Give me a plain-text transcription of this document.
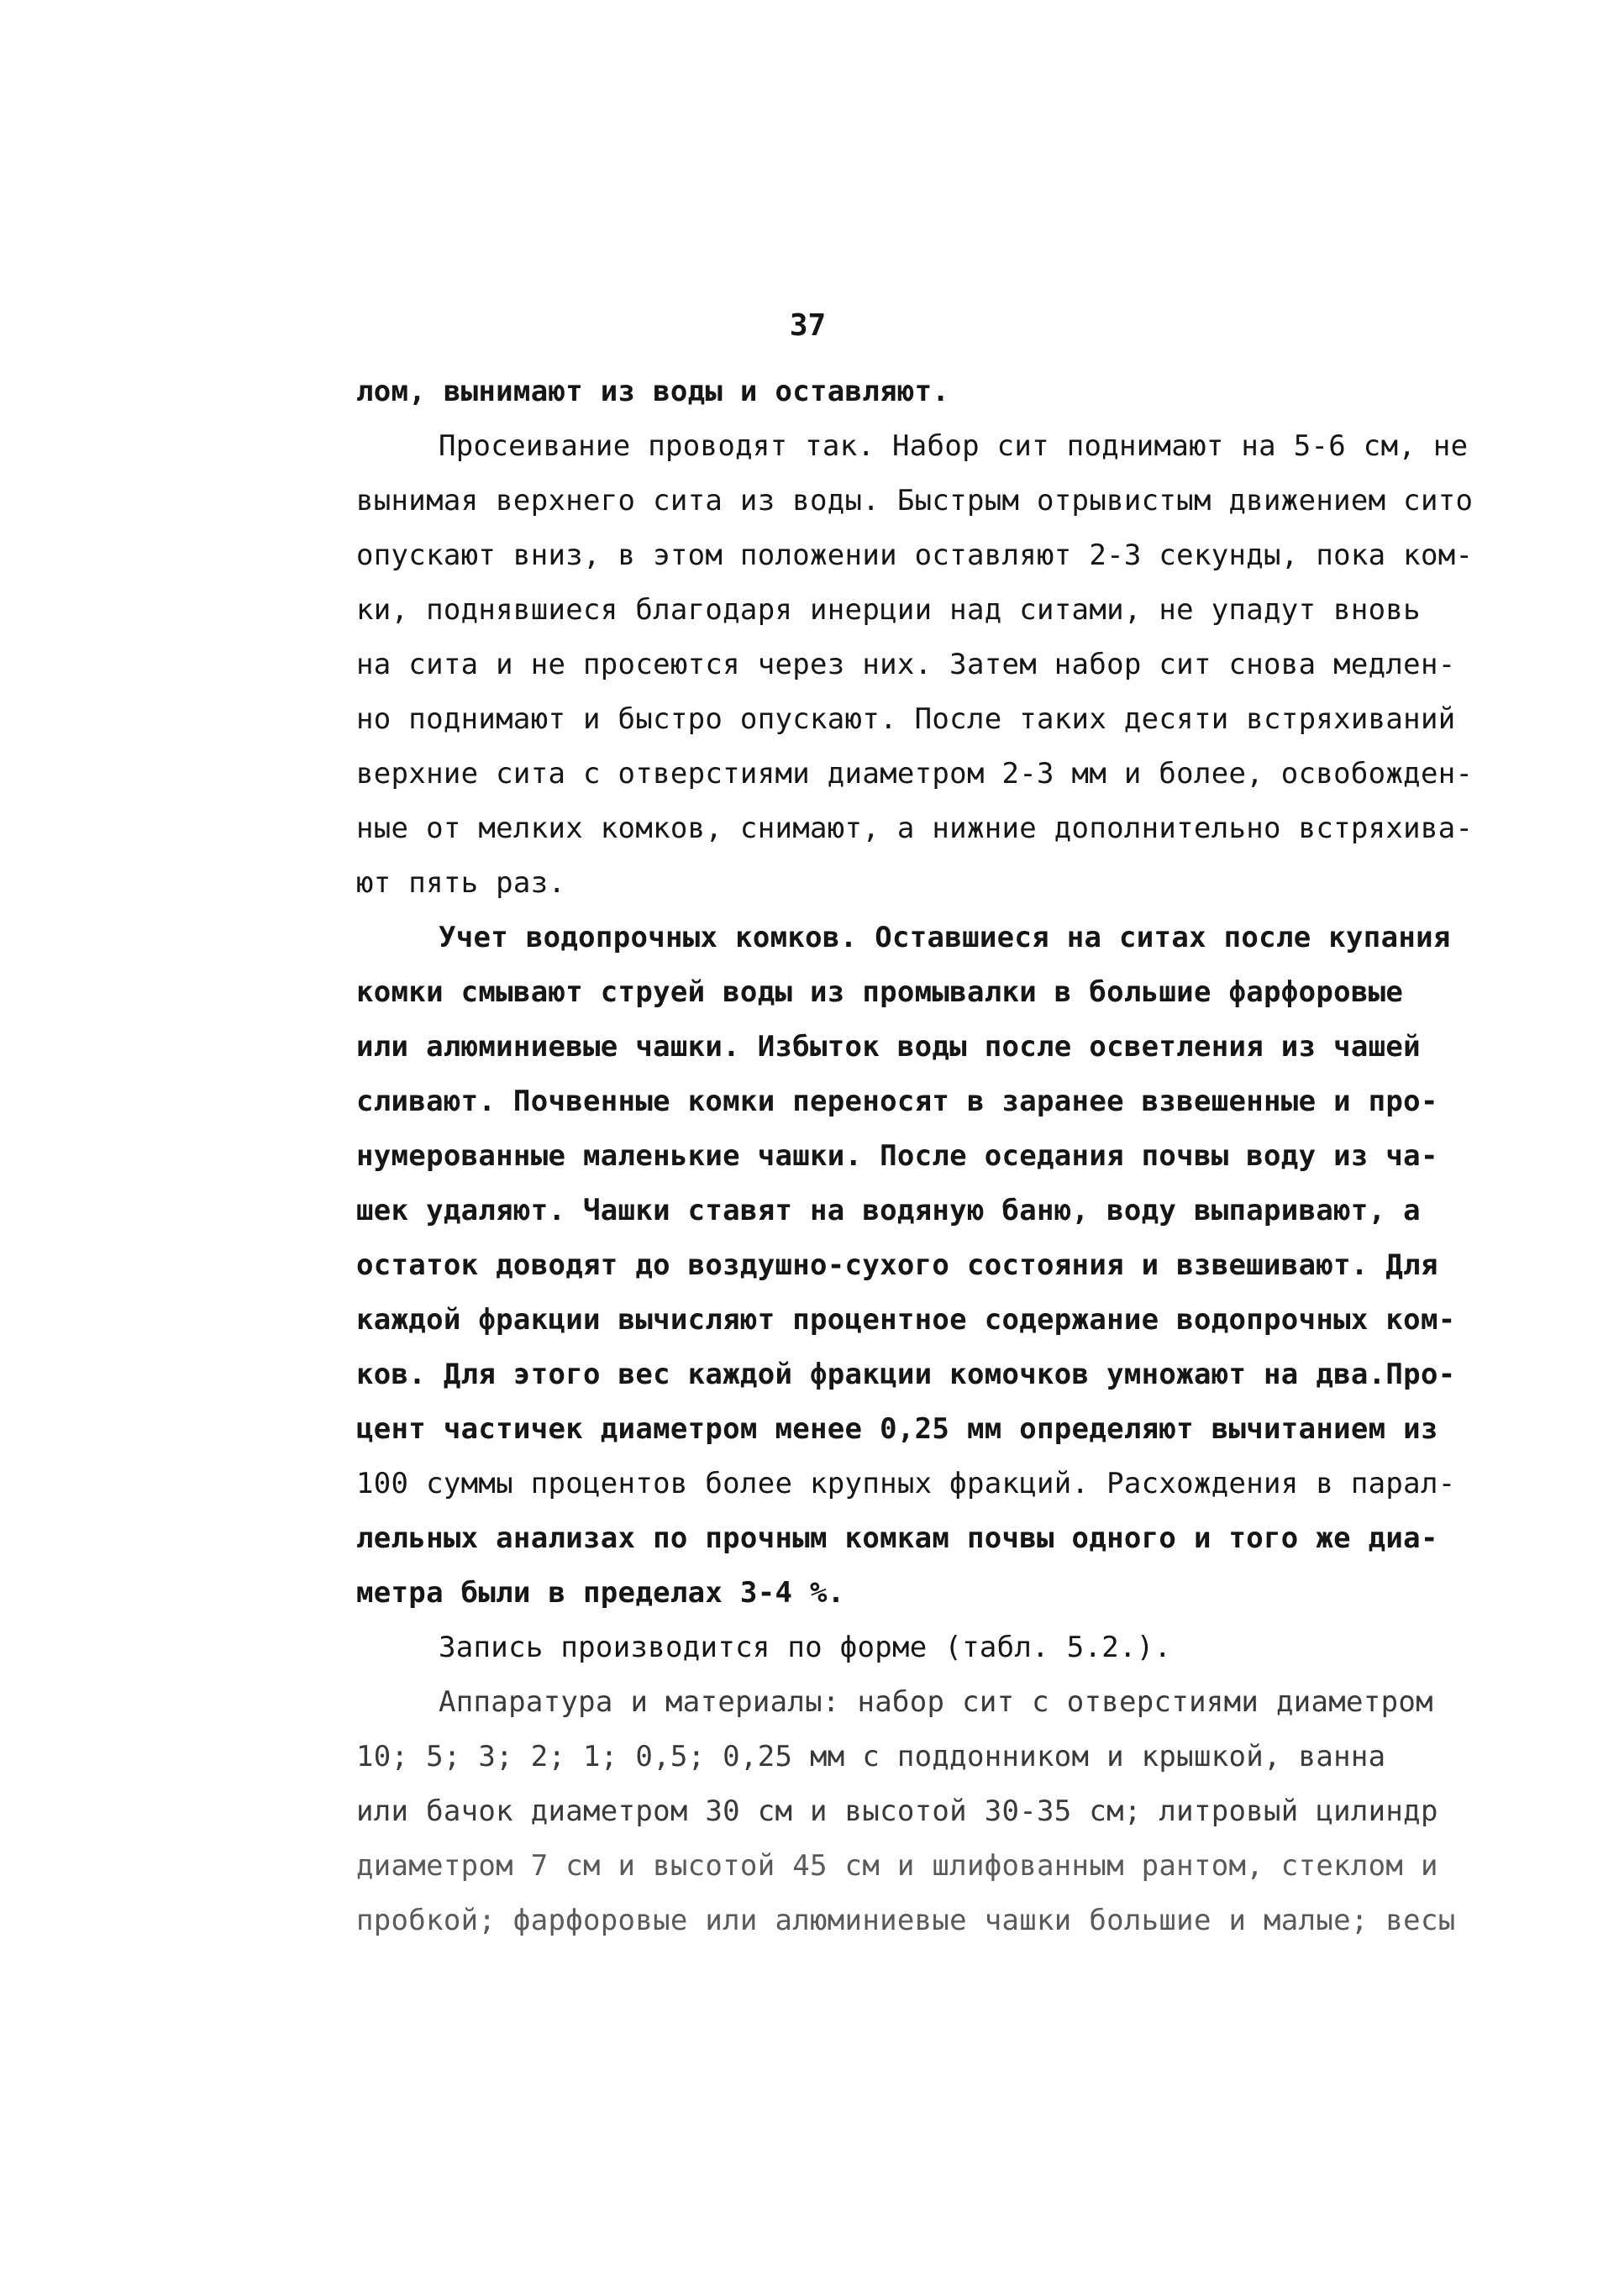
37
лом, вынимают из воды и оставляют.
Просеивание проводят так. Набор сит поднимают на 5-6 см, не
вынимая верхнего сита из воды. Быстрым отрывистым движением сито
опускают вниз, в этом положении оставляют 2-3 секунды, пока ком-
ки, поднявшиеся благодаря инерции над ситами, не упадут вновь
на сита и не просеются через них. Затем набор сит снова медлен-
но поднимают и быстро опускают. После таких десяти встряхиваний
верхние сита с отверстиями диаметром 2-3 мм и более, освобожден-
ные от мелких комков, снимают, а нижние дополнительно встряхива-
ют пять раз.
Учет водопрочных комков. Оставшиеся на ситах после купания
комки смывают струей воды из промывалки в большие фарфоровые
или алюминиевые чашки. Избыток воды после осветления из чашей
сливают. Почвенные комки переносят в заранее взвешенные и про-
нумерованные маленькие чашки. После оседания почвы воду из ча-
шек удаляют. Чашки ставят на водяную баню, воду выпаривают, а
остаток доводят до воздушно-сухого состояния и взвешивают. Для
каждой фракции вычисляют процентное содержание водопрочных ком-
ков. Для этого вес каждой фракции комочков умножают на два.Про-
цент частичек диаметром менее 0,25 мм определяют вычитанием из
100 суммы процентов более крупных фракций. Расхождения в парал-
лельных анализах по прочным комкам почвы одного и того же диа-
метра были в пределах 3-4 %.
Запись производится по форме (табл. 5.2.).
Аппаратура и материалы: набор сит с отверстиями диаметром
10; 5; 3; 2; 1; 0,5; 0,25 мм с поддонником и крышкой, ванна
или бачок диаметром 30 см и высотой 30-35 см; литровый цилиндр
диаметром 7 см и высотой 45 см и шлифованным рантом, стеклом и
пробкой; фарфоровые или алюминиевые чашки большие и малые; весы
